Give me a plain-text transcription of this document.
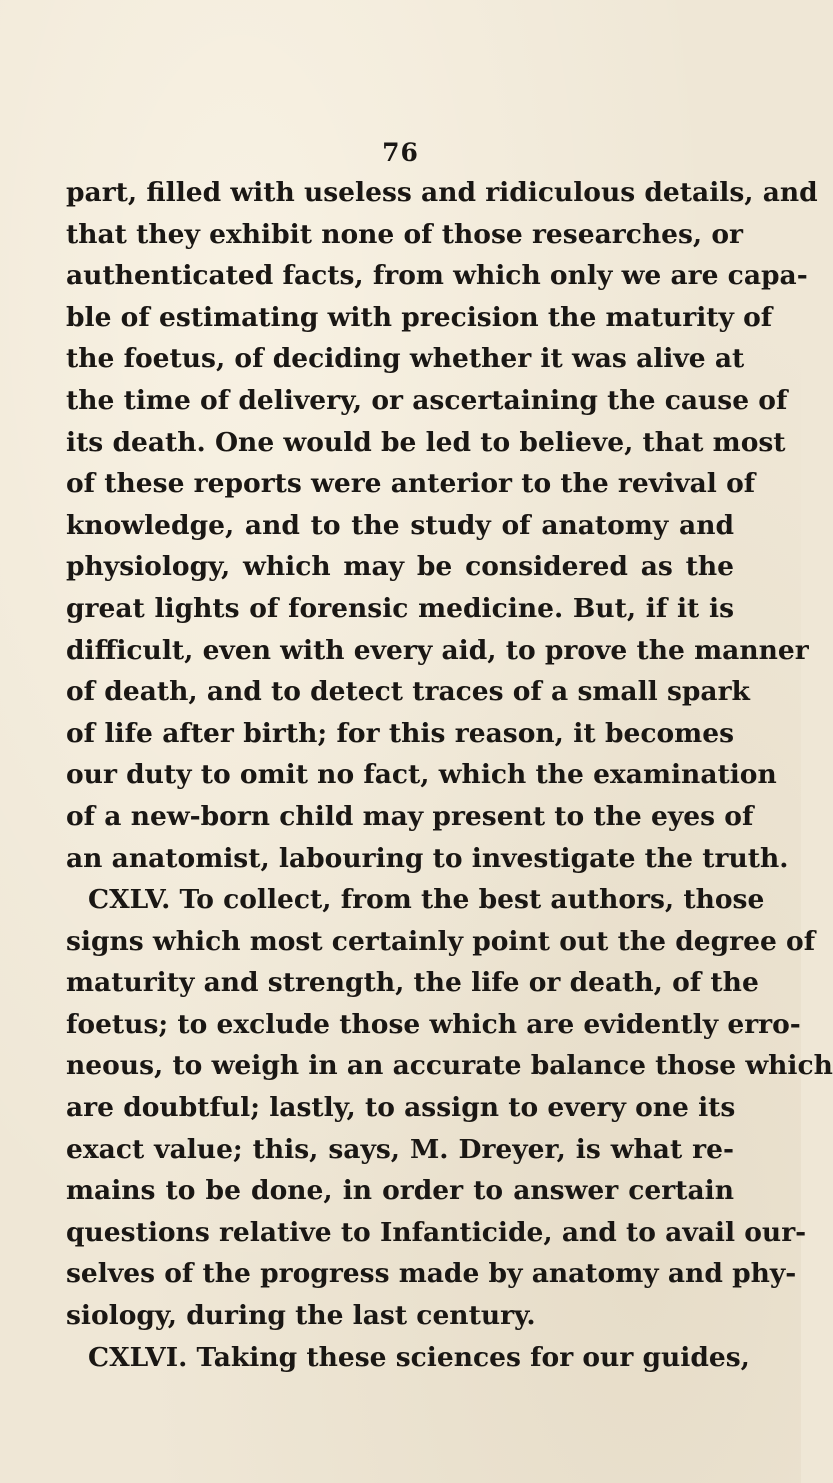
76
part, filled with useless and ridiculous details, and
that they exhibit none of those researches, or
authenticated facts, from which only we are capa-
ble of estimating with precision the maturity of
the foetus, of deciding whether it was alive at
the time of delivery, or ascertaining the cause of
its death. One would be led to believe, that most
of these reports were anterior to the revival of
knowledge, and to the study of anatomy and
physiology, which may be considered as the
great lights of forensic medicine. But, if it is
difficult, even with every aid, to prove the manner
of death, and to detect traces of a small spark
of life after birth; for this reason, it becomes
our duty to omit no fact, which the examination
of a new-born child may present to the eyes of
an anatomist, labouring to investigate the truth.
CXLV. To collect, from the best authors, those
signs which most certainly point out the degree of
maturity and strength, the life or death, of the
foetus; to exclude those which are evidently erro-
neous, to weigh in an accurate balance those which
are doubtful; lastly, to assign to every one its
exact value; this, says, M. Dreyer, is what re-
mains to be done, in order to answer certain
questions relative to Infanticide, and to avail our-
selves of the progress made by anatomy and phy-
siology, during the last century.
CXLVI. Taking these sciences for our guides,
